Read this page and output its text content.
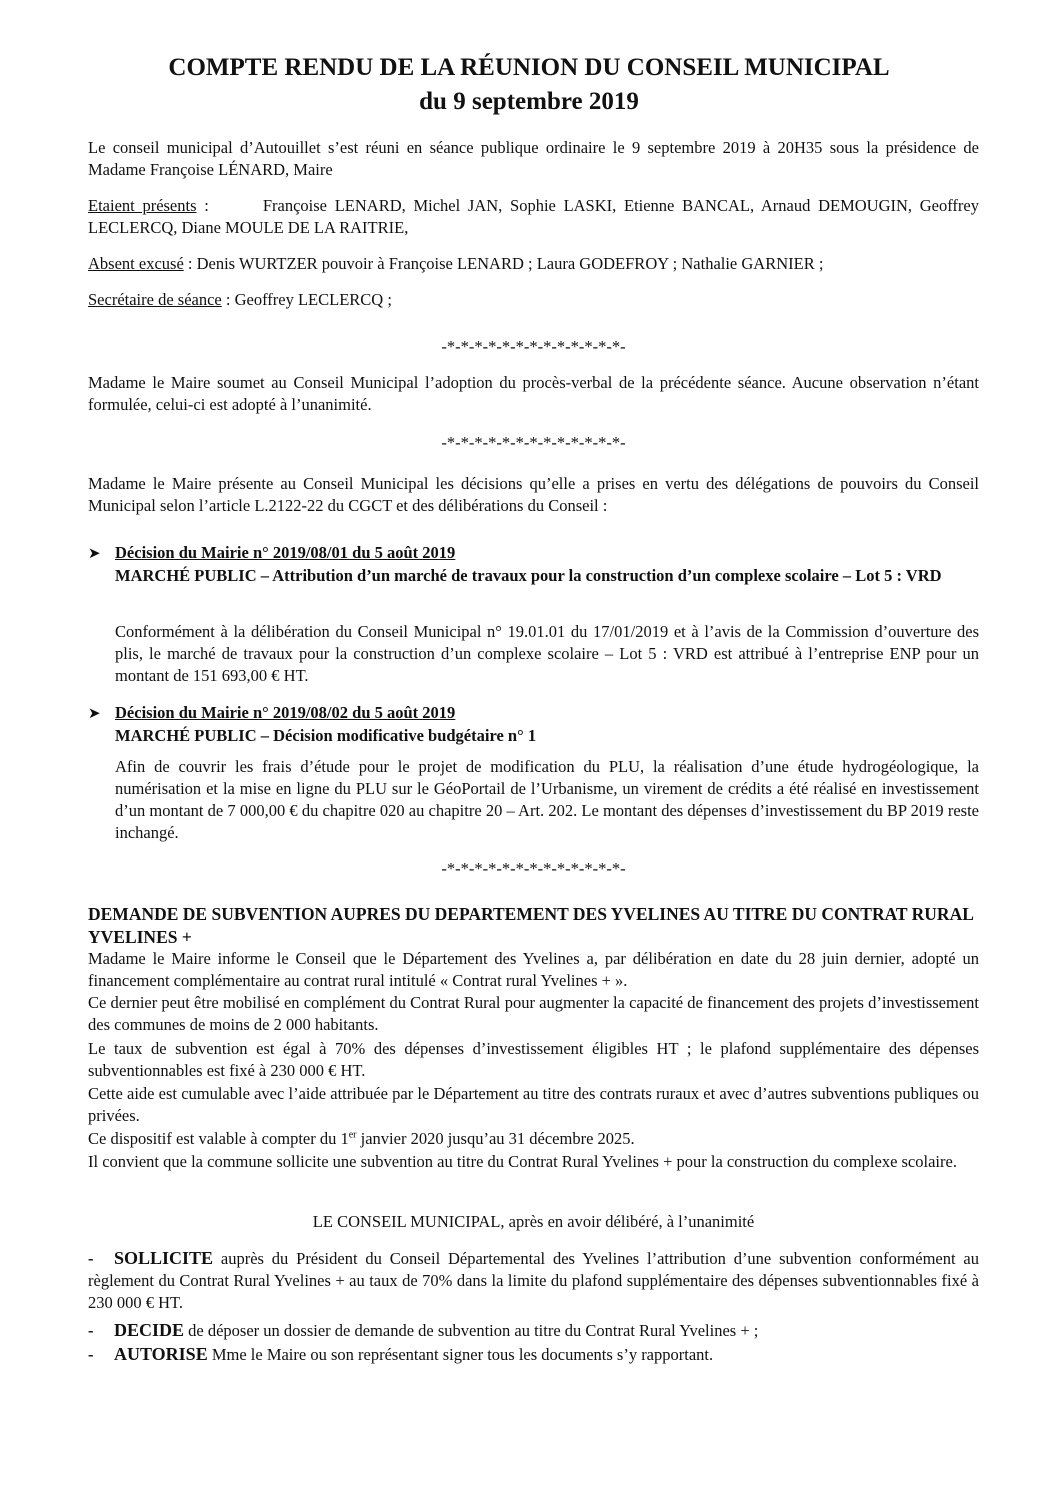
COMPTE RENDU DE LA RÉUNION DU CONSEIL MUNICIPAL
du 9 septembre 2019

Le conseil municipal d’Autouillet s’est réuni en séance publique ordinaire le 9 septembre 2019 à 20H35 sous la présidence de Madame Françoise LÉNARD, Maire

Etaient présents :       Françoise LENARD, Michel JAN, Sophie LASKI, Etienne BANCAL, Arnaud DEMOUGIN, Geoffrey LECLERCQ, Diane MOULE DE LA RAITRIE,

Absent excusé : Denis WURTZER pouvoir à Françoise LENARD ; Laura GODEFROY ; Nathalie GARNIER ;

Secrétaire de séance : Geoffrey LECLERCQ ;

-*-*-*-*-*-*-*-*-*-*-*-*-*-

Madame le Maire soumet au Conseil Municipal l’adoption du procès-verbal de la précédente séance. Aucune observation n’étant formulée, celui-ci est adopté à l’unanimité.

-*-*-*-*-*-*-*-*-*-*-*-*-*-

Madame le Maire présente au Conseil Municipal les décisions qu’elle a prises en vertu des délégations de pouvoirs du Conseil Municipal selon l’article L.2122-22 du CGCT et des délibérations du Conseil :

➤ Décision du Mairie n° 2019/08/01 du 5 août 2019
MARCHÉ PUBLIC – Attribution d’un marché de travaux pour la construction d’un complexe scolaire – Lot 5 : VRD

Conformément à la délibération du Conseil Municipal n° 19.01.01 du 17/01/2019 et à l’avis de la Commission d’ouverture des plis, le marché de travaux pour la construction d’un complexe scolaire – Lot 5 : VRD est attribué à l’entreprise ENP pour un montant de 151 693,00 € HT.

➤ Décision du Mairie n° 2019/08/02 du 5 août 2019
MARCHÉ PUBLIC – Décision modificative budgétaire n° 1

Afin de couvrir les frais d’étude pour le projet de modification du PLU, la réalisation d’une étude hydrogéologique, la numérisation et la mise en ligne du PLU sur le GéoPortail de l’Urbanisme, un virement de crédits a été réalisé en investissement d’un montant de 7 000,00 € du chapitre 020 au chapitre 20 – Art. 202. Le montant des dépenses d’investissement du BP 2019 reste inchangé.

-*-*-*-*-*-*-*-*-*-*-*-*-*-
DEMANDE DE SUBVENTION AUPRES DU DEPARTEMENT DES YVELINES AU TITRE DU CONTRAT RURAL YVELINES +

Madame le Maire informe le Conseil que le Département des Yvelines a, par délibération en date du 28 juin dernier, adopté un financement complémentaire au contrat rural intitulé « Contrat rural Yvelines + ».

Ce dernier peut être mobilisé en complément du Contrat Rural pour augmenter la capacité de financement des projets d’investissement des communes de moins de 2 000 habitants.

Le taux de subvention est égal à 70% des dépenses d’investissement éligibles HT ; le plafond supplémentaire des dépenses subventionnables est fixé à 230 000 € HT.

Cette aide est cumulable avec l’aide attribuée par le Département au titre des contrats ruraux et avec d’autres subventions publiques ou privées.

Ce dispositif est valable à compter du 1er janvier 2020 jusqu’au 31 décembre 2025.

Il convient que la commune sollicite une subvention au titre du Contrat Rural Yvelines + pour la construction du complexe scolaire.

LE CONSEIL MUNICIPAL, après en avoir délibéré, à l’unanimité
- SOLLICITE auprès du Président du Conseil Départemental des Yvelines l’attribution d’une subvention conformément au règlement du Contrat Rural Yvelines + au taux de 70% dans la limite du plafond supplémentaire des dépenses subventionnables fixé à 230 000 € HT.
- DECIDE de déposer un dossier de demande de subvention au titre du Contrat Rural Yvelines + ;
- AUTORISE Mme le Maire ou son représentant signer tous les documents s’y rapportant.
